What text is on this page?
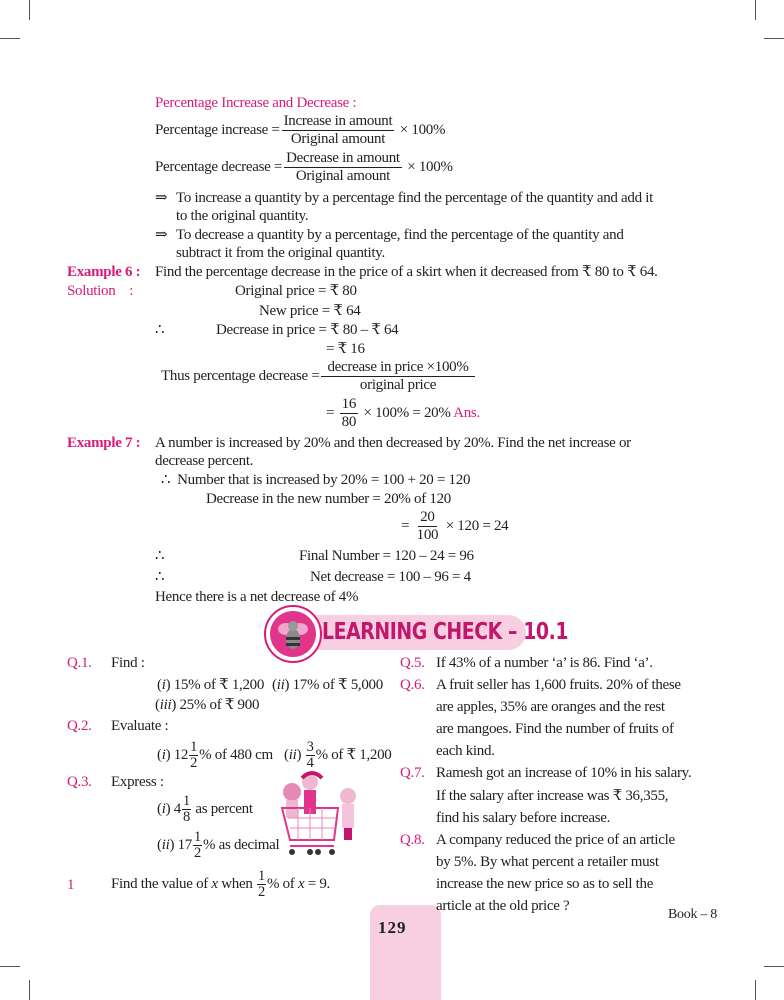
Percentage Increase and Decrease :
Percentage increase = $\frac{\text{Increase in amount}}{\text{Original amount}} \times 100\%$
Percentage decrease = $\frac{\text{Decrease in amount}}{\text{Original amount}} \times 100\%$
⇒ To increase a quantity by a percentage find the percentage of the quantity and add it
to the original quantity.
⇒ To decrease a quantity by a percentage, find the percentage of the quantity and
subtract it from the original quantity.
Example 6 : Find the percentage decrease in the price of a skirt when it decreased from ₹ 80 to ₹ 64.
Solution    :	Original price = ₹ 80
New price = ₹ 64
∴	Decrease in price = ₹ 80 – ₹ 64
= ₹ 16
Thus percentage decrease = $\frac{\text{decrease in price ×100\%}}{\text{original price}}$
= $\frac{16}{80} \times 100\% = 20\%$ Ans.
Example 7 : A number is increased by 20% and then decreased by 20%. Find the net increase or
decrease percent.
∴  Number that is increased by 20% = 100 + 20 = 120
Decrease in the new number = 20% of 120
= $\frac{20}{100} \times 120 = 24$
∴	Final Number = 120 – 24 = 96
∴	Net decrease = 100 – 96 = 4
Hence there is a net decrease of 4%
LEARNING CHECK – 10.1
Q.1. Find :
(i) 15% of ₹ 1,200 (ii) 17% of ₹ 5,000
(iii) 25% of ₹ 900
Q.2. Evaluate :
(i) $12 \frac{1}{2}$ % of 480 cm $(ii) \frac{3}{4}$ % of ₹ 1,200
Q.3. Express :
(i) $4 \frac{1}{8}$ as percent
(ii) $17 \frac{1}{2}$ % as decimal
1 Find the value of x when $\frac{1}{2}$ % of x = 9.
Q.5. If 43% of a number ‘a’ is 86. Find ‘a’.
Q.6. A fruit seller has 1,600 fruits. 20% of these
are apples, 35% are oranges and the rest
are mangoes. Find the number of fruits of
each kind.
Q.7. Ramesh got an increase of 10% in his salary.
If the salary after increase was ₹ 36,355,
find his salary before increase.
Q.8. A company reduced the price of an article
by 5%. By what percent a retailer must
increase the new price so as to sell the
article at the old price ?
129
Book – 8
